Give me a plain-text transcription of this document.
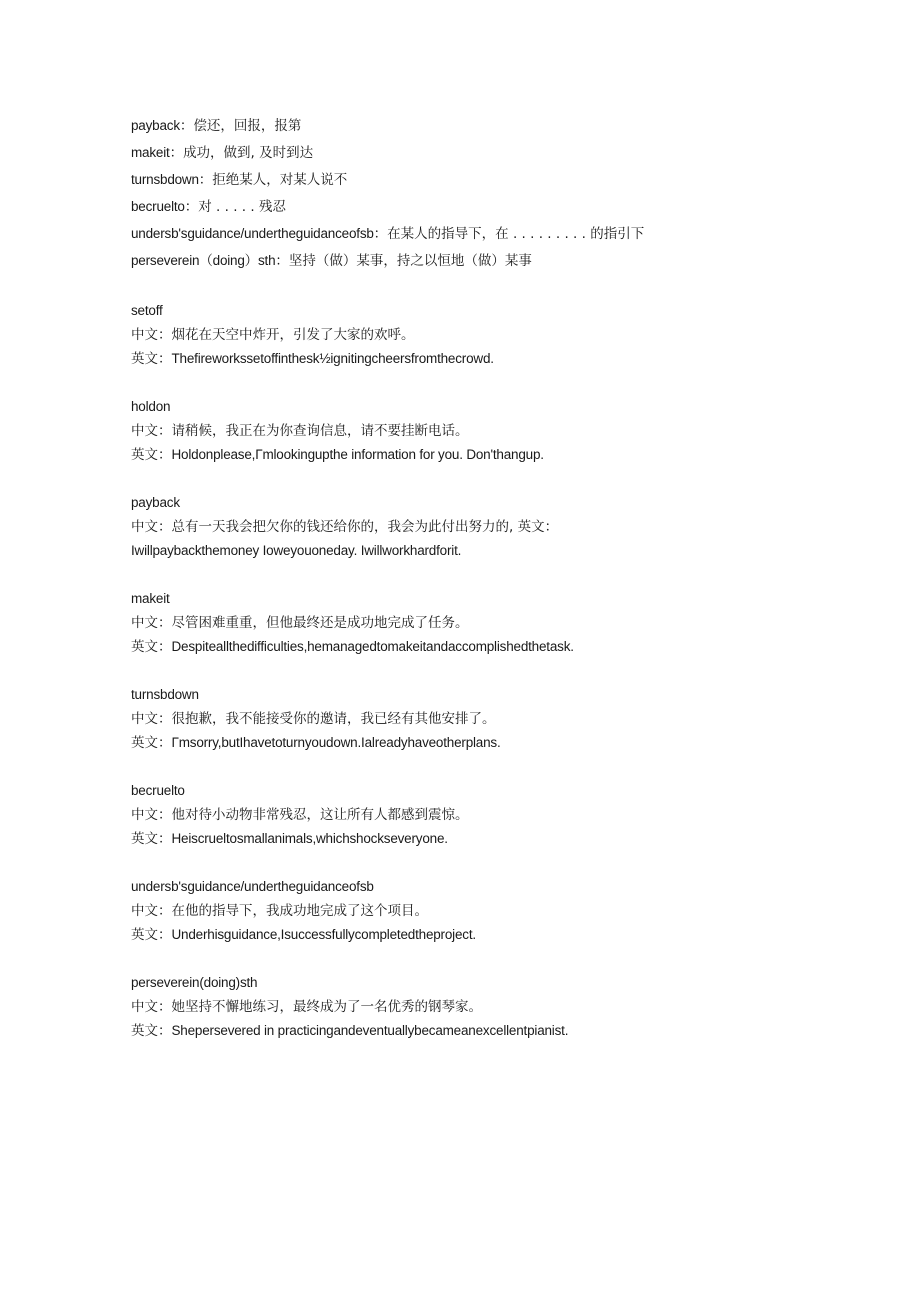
payback：偿还，回报，报第
makeit：成功，做到, 及时到达
turnsbdown：拒绝某人，对某人说不
becruelto：对 . . . . . 残忍
undersb'sguidance/undertheguidanceofsb：在某人的指导下，在 . . . . . . . . . 的指引下
perseverein（doing）sth：坚持（做）某事，持之以恒地（做）某事
setoff
中文：烟花在天空中炸开，引发了大家的欢呼。
英文：Thefireworkssetoffinthesk½ignitingcheersfromthecrowd.
holdon
中文：请稍候，我正在为你查询信息，请不要挂断电话。
英文：Holdonplease,Γmlookingupthe information for you. Don'thangup.
payback
中文：总有一天我会把欠你的钱还给你的，我会为此付出努力的, 英文：
Iwillpaybackthemoney Ioweyouoneday. Iwillworkhardforit.
makeit
中文：尽管困难重重，但他最终还是成功地完成了任务。
英文：Despiteallthedifficulties,hemanagedtomakeitandaccomplishedthetask.
turnsbdown
中文：很抱歉，我不能接受你的邀请，我已经有其他安排了。
英文：Γmsorry,butIhavetoturnyoudown.Ialreadyhaveotherplans.
becruelto
中文：他对待小动物非常残忍，这让所有人都感到震惊。
英文：Heiscrueltosmallanimals,whichshockseveryone.
undersb'sguidance/undertheguidanceofsb
中文：在他的指导下，我成功地完成了这个项目。
英文：Underhisguidance,Isuccessfullycompletedtheproject.
perseverein(doing)sth
中文：她坚持不懈地练习，最终成为了一名优秀的钢琴家。
英文：Shepersevered in practicingandeventuallybecameanexcellentpianist.
